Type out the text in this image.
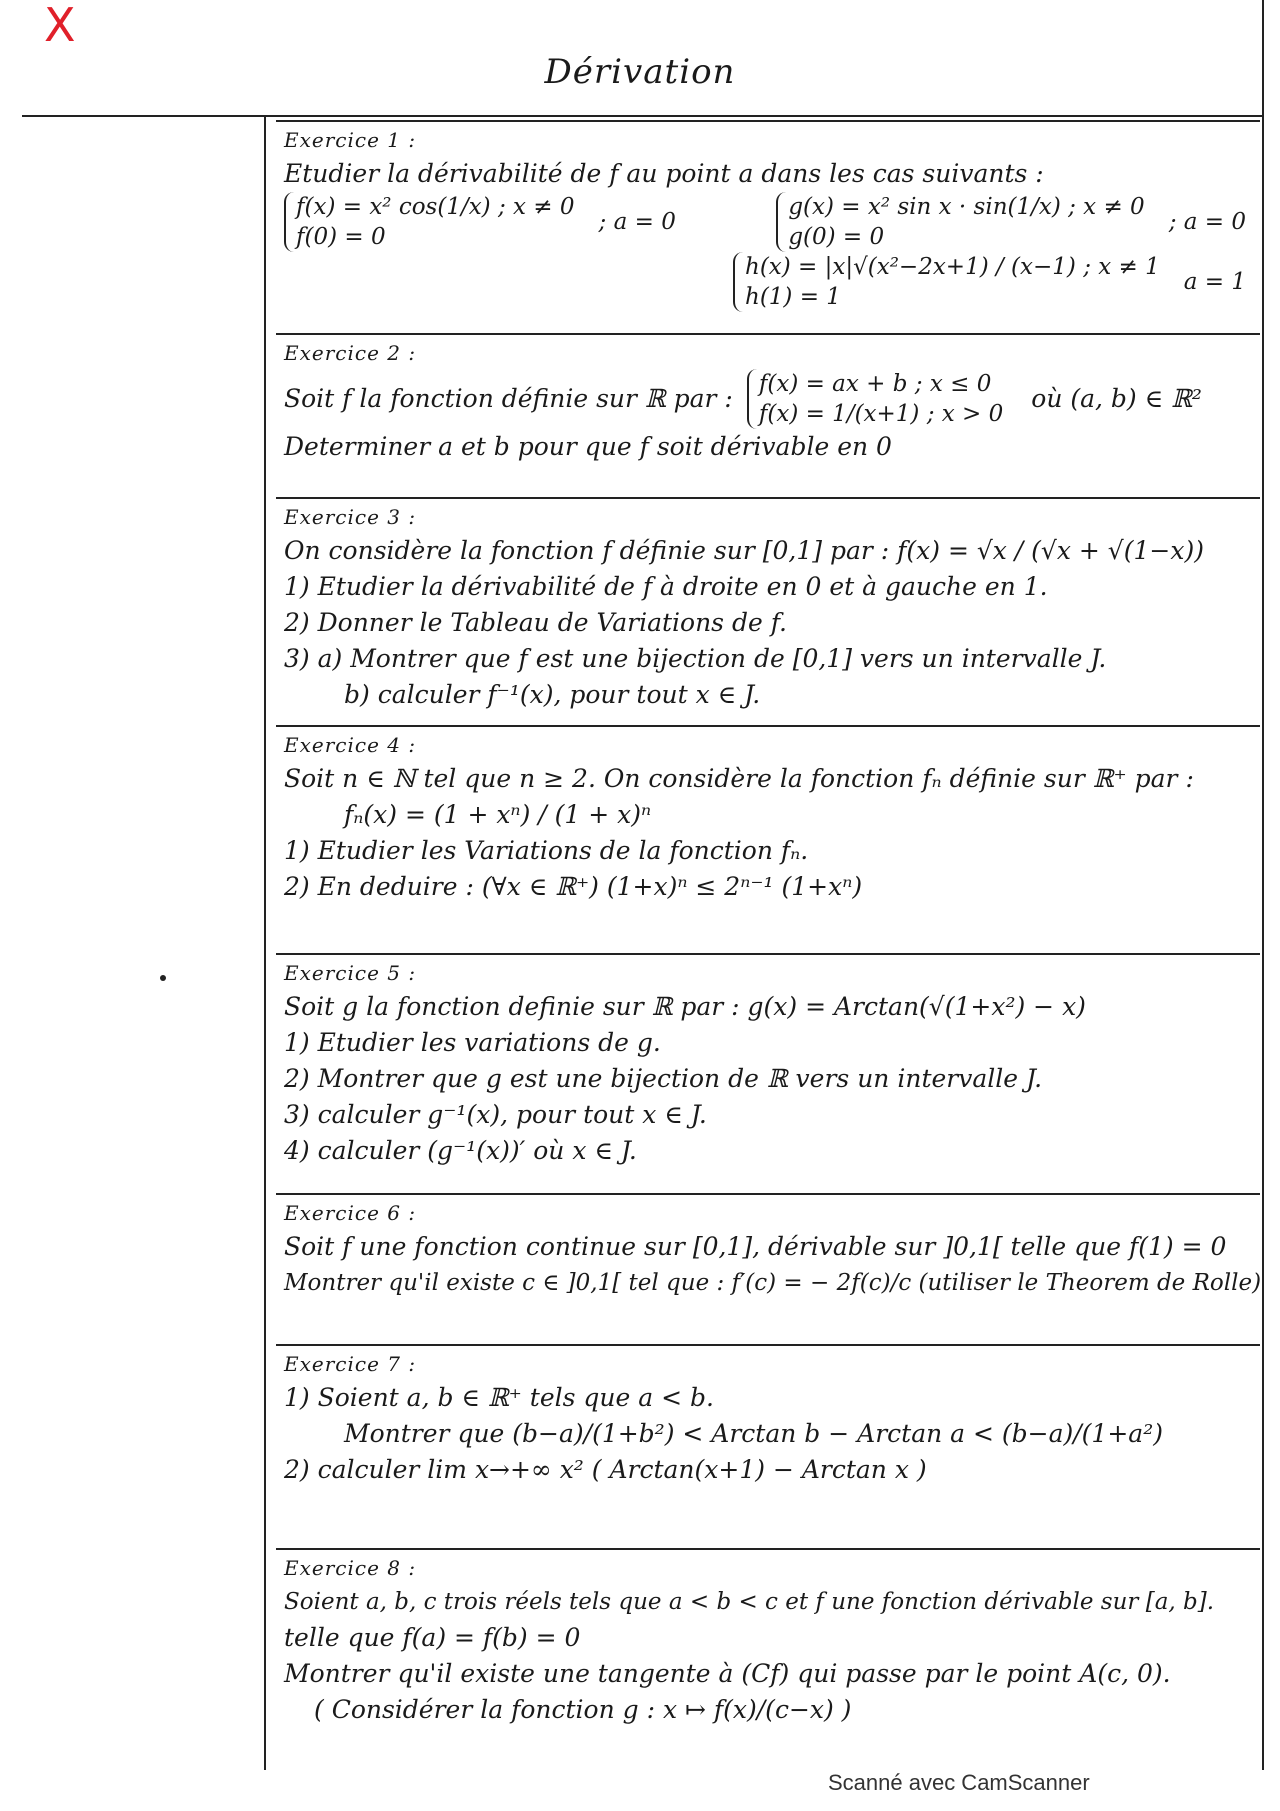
X
Dérivation
Exercice 1 :
Etudier la dérivabilité de f au point a dans les cas suivants :
f(x) = x² cos(1/x) ; x ≠ 0
f(0) = 0
; a = 0
g(x) = x² sin x · sin(1/x) ; x ≠ 0
g(0) = 0
; a = 0
h(x) = |x|√(x²−2x+1) / (x−1) ; x ≠ 1
h(1) = 1
a = 1
Exercice 2 :
Soit f la fonction définie sur ℝ par : f(x) = ax + b ; x ≤ 0
f(x) = 1/(x+1) ; x > 0
où (a, b) ∈ ℝ²
Determiner a et b pour que f soit dérivable en 0
Exercice 3 :
On considère la fonction f définie sur [0,1] par : f(x) = √x / (√x + √(1−x))
1) Etudier la dérivabilité de f à droite en 0 et à gauche en 1.
2) Donner le Tableau de Variations de f.
3) a) Montrer que f est une bijection de [0,1] vers un intervalle J.
b) calculer f⁻¹(x), pour tout x ∈ J.
Exercice 4 :
Soit n ∈ ℕ tel que n ≥ 2. On considère la fonction fₙ définie sur ℝ⁺ par :
fₙ(x) = (1 + xⁿ) / (1 + x)ⁿ
1) Etudier les Variations de la fonction fₙ.
2) En deduire : (∀x ∈ ℝ⁺) (1+x)ⁿ ≤ 2ⁿ⁻¹ (1+xⁿ)
Exercice 5 :
Soit g la fonction definie sur ℝ par : g(x) = Arctan(√(1+x²) − x)
1) Etudier les variations de g.
2) Montrer que g est une bijection de ℝ vers un intervalle J.
3) calculer g⁻¹(x), pour tout x ∈ J.
4) calculer (g⁻¹(x))′ où x ∈ J.
Exercice 6 :
Soit f une fonction continue sur [0,1], dérivable sur ]0,1[ telle que f(1) = 0
Montrer qu'il existe c ∈ ]0,1[ tel que : f′(c) = − 2f(c)/c (utiliser le Theorem de Rolle)
Exercice 7 :
1) Soient a, b ∈ ℝ⁺ tels que a < b.
Montrer que (b−a)/(1+b²) < Arctan b − Arctan a < (b−a)/(1+a²)
2) calculer lim x→+∞ x² ( Arctan(x+1) − Arctan x )
Exercice 8 :
Soient a, b, c trois réels tels que a < b < c et f une fonction dérivable sur [a, b].
telle que f(a) = f(b) = 0
Montrer qu'il existe une tangente à (Cf) qui passe par le point A(c, 0).
( Considérer la fonction g : x ↦ f(x)/(c−x) )
Scanné avec CamScanner
